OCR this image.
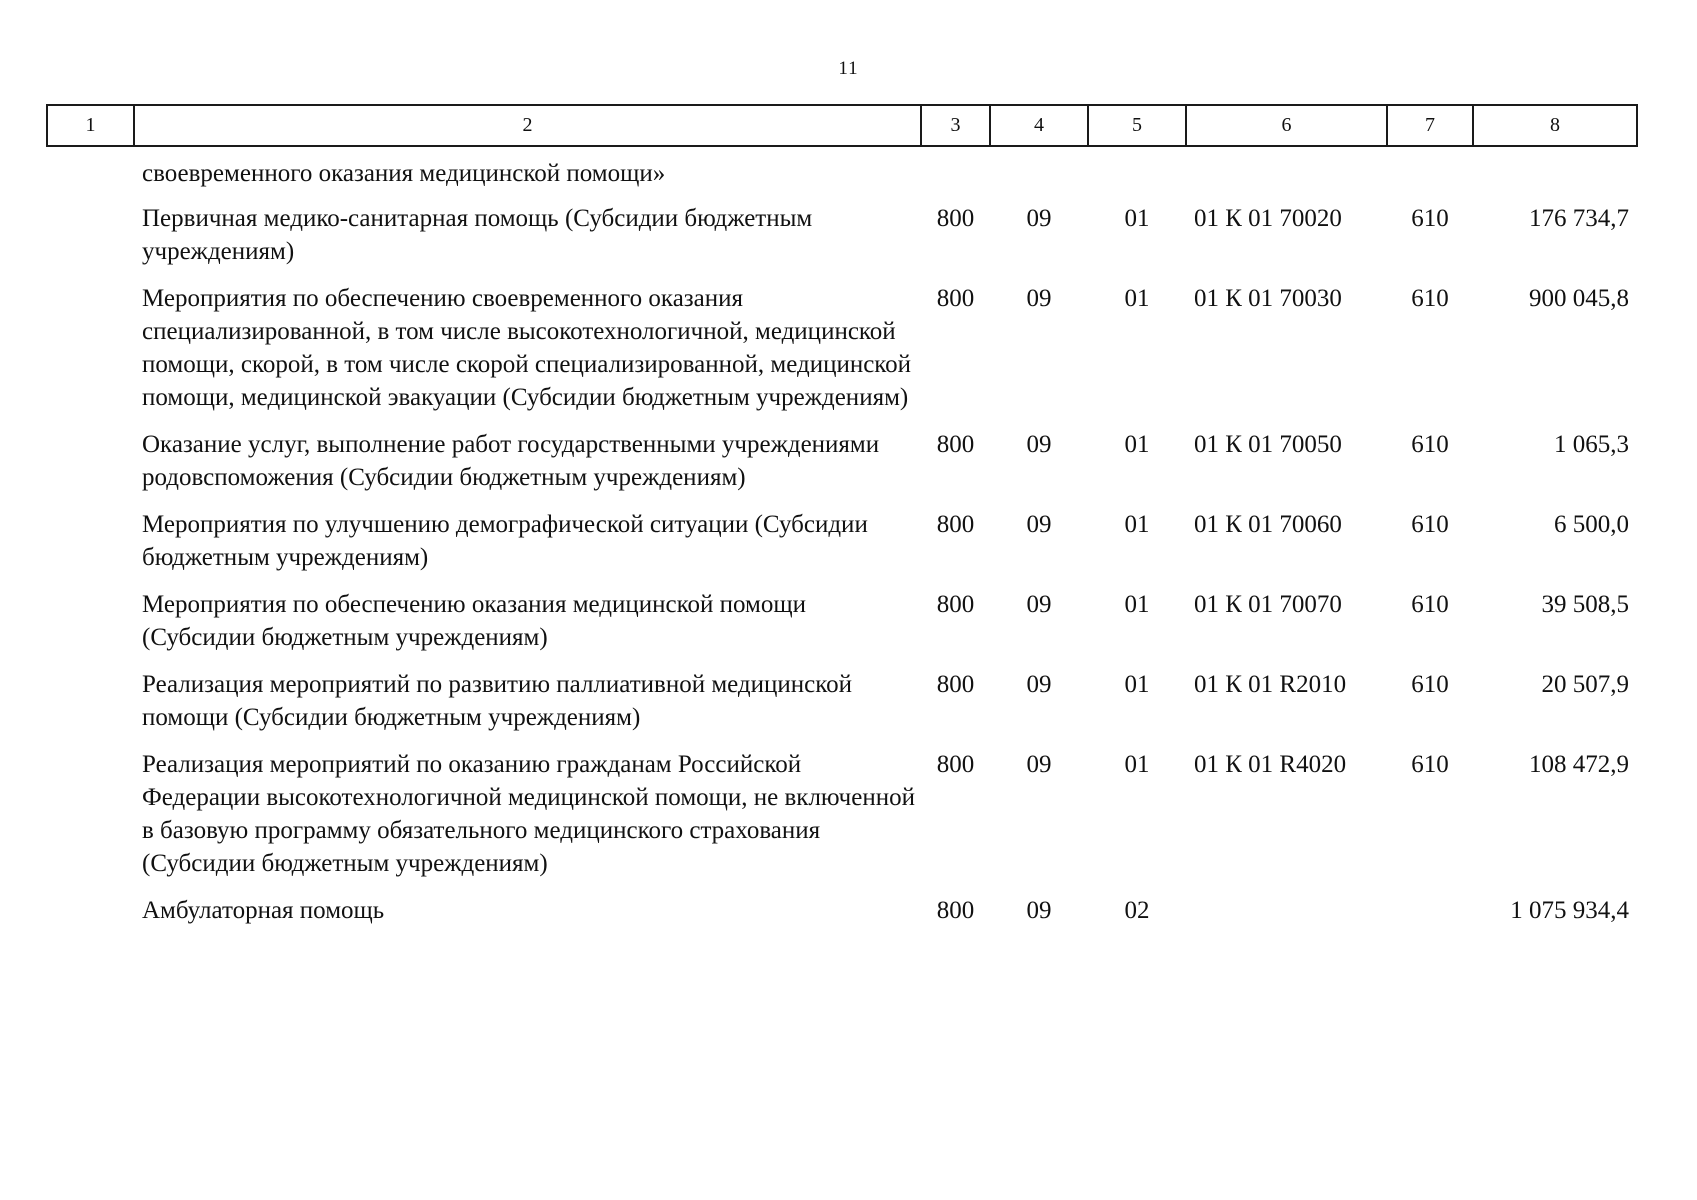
11
1	2	3	4	5	6	7	8
	своевременного оказания медицинской помощи»						
	Первичная медико-санитарная помощь (Субсидии бюджетным учреждениям)	800	09	01	01 К 01 70020	610	176 734,7
	Мероприятия по обеспечению своевременного оказания специализированной, в том числе высокотехнологичной, медицинской помощи, скорой, в том числе скорой специализированной, медицинской помощи, медицинской эвакуации (Субсидии бюджетным учреждениям)	800	09	01	01 К 01 70030	610	900 045,8
	Оказание услуг, выполнение работ государственными учреждениями родовспоможения (Субсидии бюджетным учреждениям)	800	09	01	01 К 01 70050	610	1 065,3
	Мероприятия по улучшению демографической ситуации (Субсидии бюджетным учреждениям)	800	09	01	01 К 01 70060	610	6 500,0
	Мероприятия по обеспечению оказания медицинской помощи (Субсидии бюджетным учреждениям)	800	09	01	01 К 01 70070	610	39 508,5
	Реализация мероприятий по развитию паллиативной медицинской помощи (Субсидии бюджетным учреждениям)	800	09	01	01 К 01 R2010	610	20 507,9
	Реализация мероприятий по оказанию гражданам Российской Федерации высокотехнологичной медицинской помощи, не включенной в базовую программу обязательного медицинского страхования (Субсидии бюджетным учреждениям)	800	09	01	01 К 01 R4020	610	108 472,9
	Амбулаторная помощь	800	09	02			1 075 934,4
